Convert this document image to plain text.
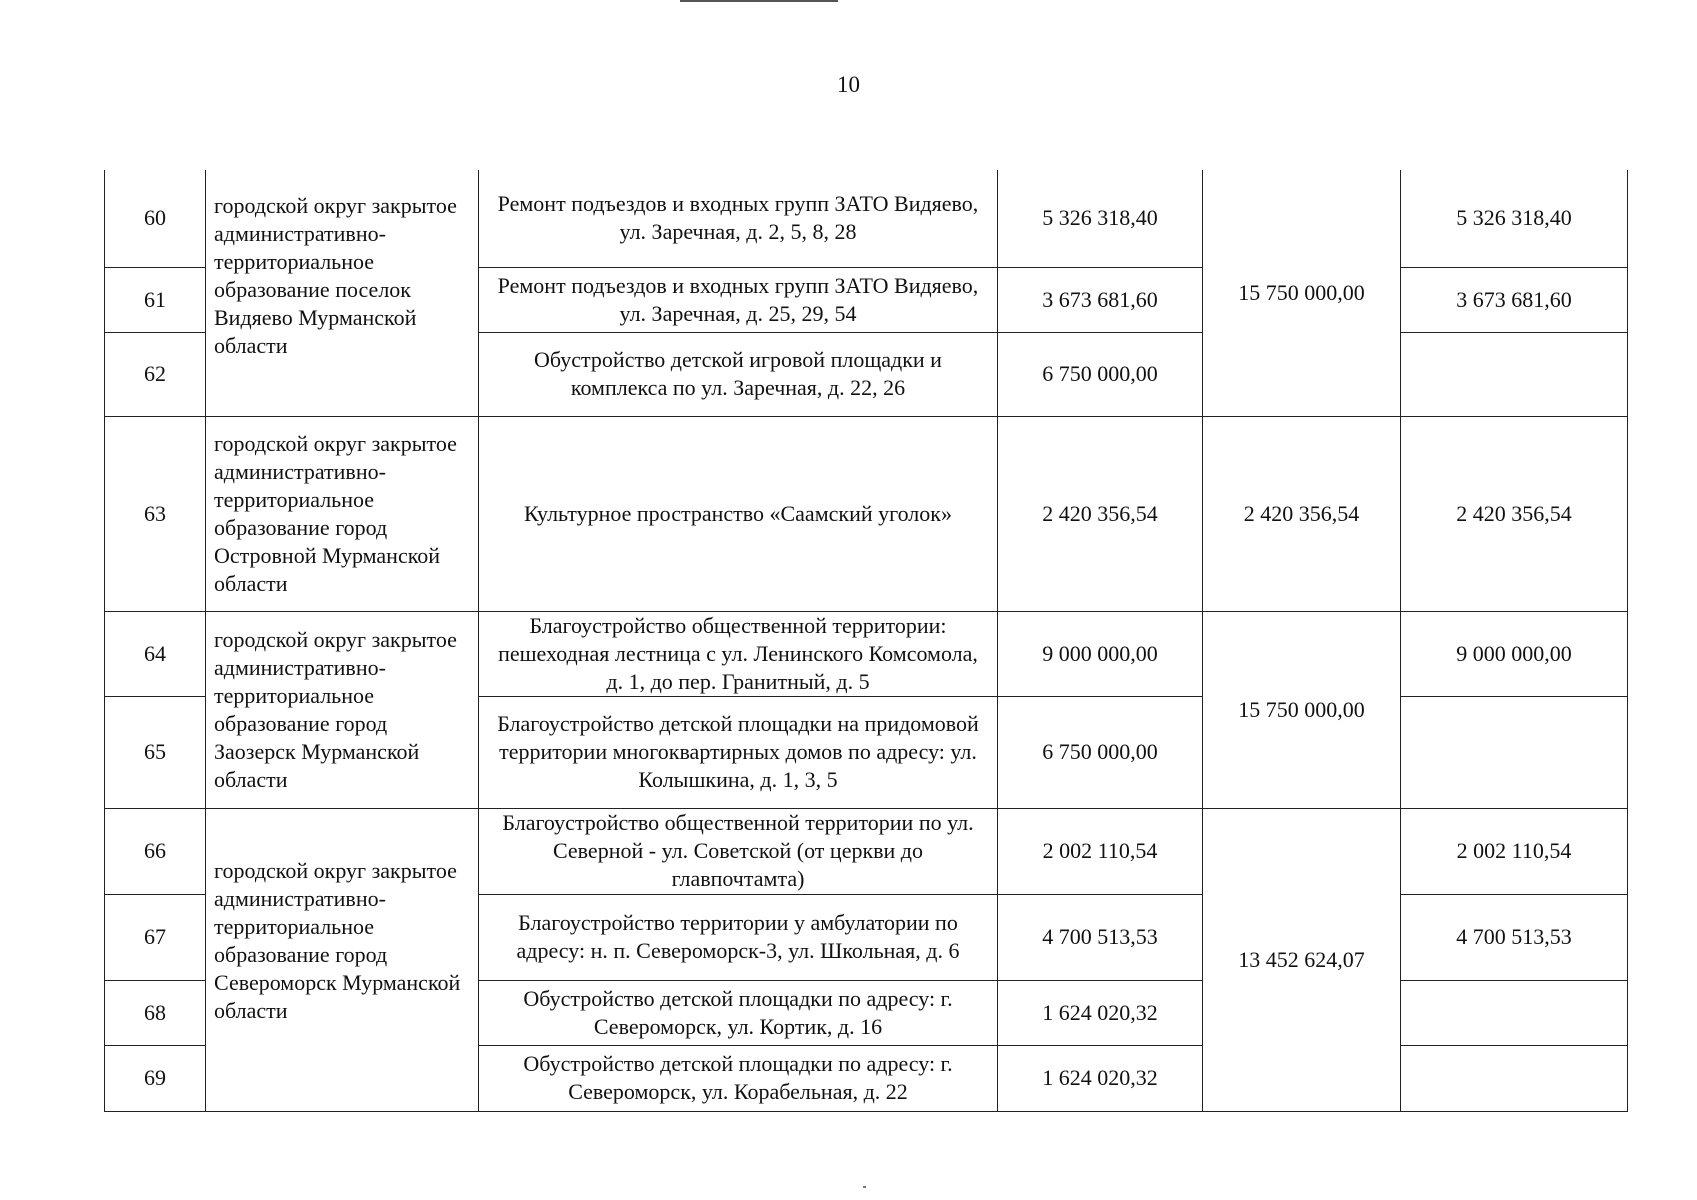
10
60	городской округ закрытое административно-территориальное образование поселок Видяево Мурманской области	Ремонт подъездов и входных групп ЗАТО Видяево, ул. Заречная, д. 2, 5, 8, 28	5 326 318,40	15 750 000,00	5 326 318,40
61		Ремонт подъездов и входных групп ЗАТО Видяево, ул. Заречная, д. 25, 29, 54	3 673 681,60		3 673 681,60
62		Обустройство детской игровой площадки и комплекса по ул. Заречная, д. 22, 26	6 750 000,00		
63	городской округ закрытое административно-территориальное образование город Островной Мурманской области	Культурное пространство «Саамский уголок»	2 420 356,54	2 420 356,54	2 420 356,54
64	городской округ закрытое административно-территориальное образование город Заозерск Мурманской области	Благоустройство общественной территории: пешеходная лестница с ул. Ленинского Комсомола, д. 1, до пер. Гранитный, д. 5	9 000 000,00	15 750 000,00	9 000 000,00
65		Благоустройство детской площадки на придомовой территории многоквартирных домов по адресу: ул. Колышкина, д. 1, 3, 5	6 750 000,00		
66	городской округ закрытое административно-территориальное образование город Североморск Мурманской области	Благоустройство общественной территории по ул. Северной - ул. Советской (от церкви до главпочтамта)	2 002 110,54	13 452 624,07	2 002 110,54
67		Благоустройство территории у амбулатории по адресу: н. п. Североморск-3, ул. Школьная, д. 6	4 700 513,53		4 700 513,53
68		Обустройство детской площадки по адресу: г. Североморск, ул. Кортик, д. 16	1 624 020,32		
69		Обустройство детской площадки по адресу: г. Североморск, ул. Корабельная, д. 22	1 624 020,32		
